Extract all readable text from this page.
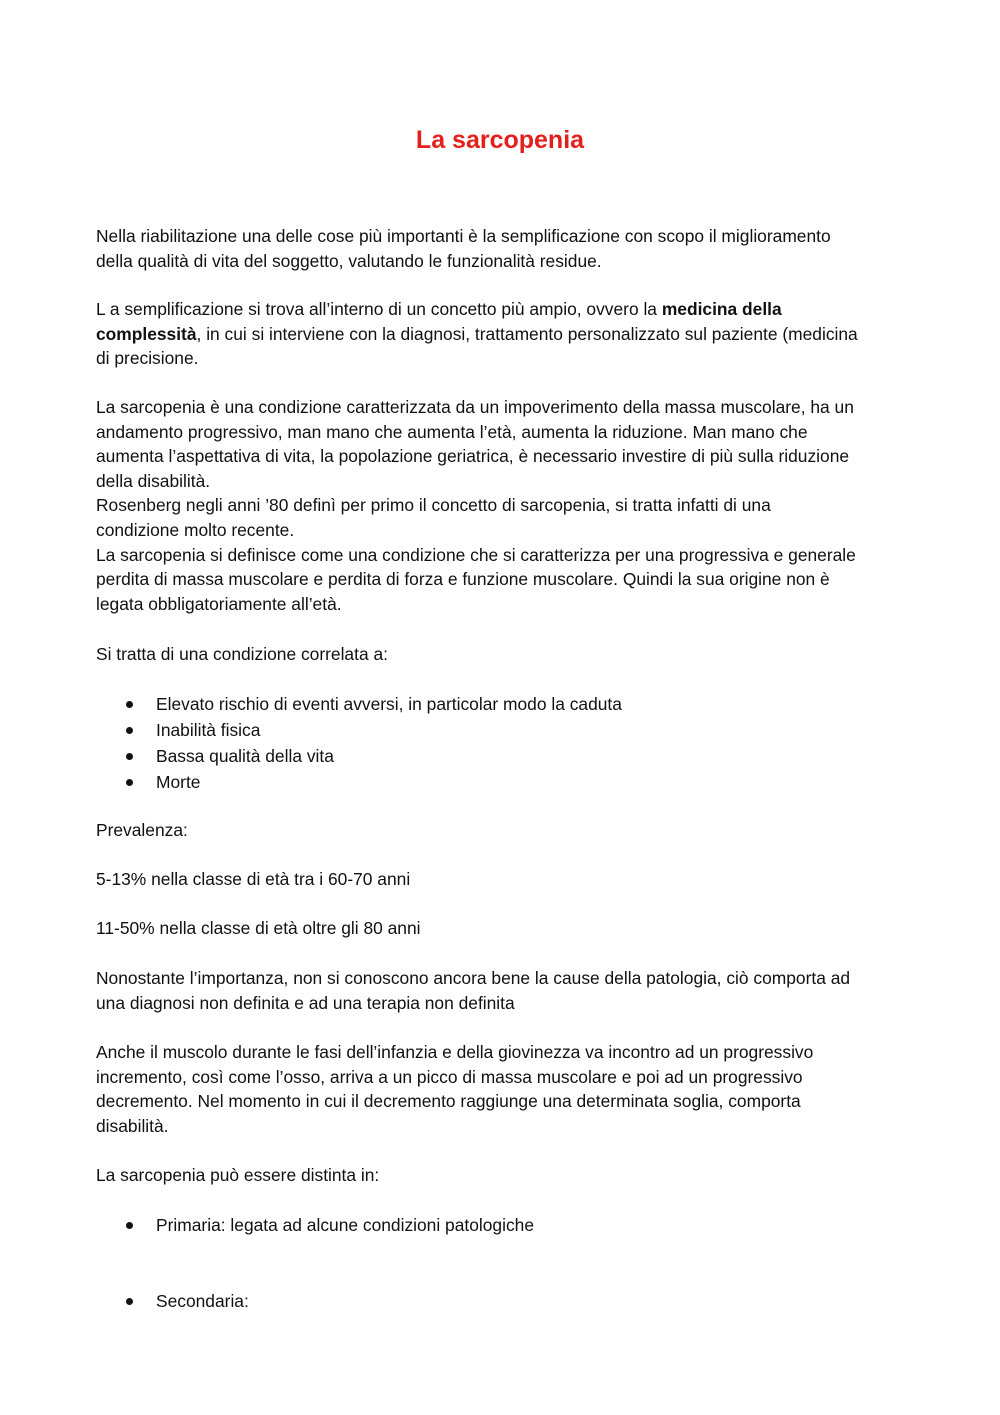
La sarcopenia
Nella riabilitazione una delle cose più importanti è la semplificazione con scopo il miglioramento
della qualità di vita del soggetto, valutando le funzionalità residue.
L a semplificazione si trova all’interno di un concetto più ampio, ovvero la medicina della
complessità, in cui si interviene con la diagnosi, trattamento personalizzato sul paziente (medicina
di precisione.
La sarcopenia è una condizione caratterizzata da un impoverimento della massa muscolare, ha un
andamento progressivo, man mano che aumenta l’età, aumenta la riduzione. Man mano che
aumenta l’aspettativa di vita, la popolazione geriatrica, è necessario investire di più sulla riduzione
della disabilità.
Rosenberg negli anni ’80 definì per primo il concetto di sarcopenia, si tratta infatti di una
condizione molto recente.
La sarcopenia si definisce come una condizione che si caratterizza per una progressiva e generale
perdita di massa muscolare e perdita di forza e funzione muscolare. Quindi la sua origine non è
legata obbligatoriamente all’età.
Si tratta di una condizione correlata a:
Elevato rischio di eventi avversi, in particolar modo la caduta
Inabilità fisica
Bassa qualità della vita
Morte
Prevalenza:
5-13% nella classe di età tra i 60-70 anni
11-50% nella classe di età oltre gli 80 anni
Nonostante l’importanza, non si conoscono ancora bene la cause della patologia, ciò comporta ad
una diagnosi non definita e ad una terapia non definita
Anche il muscolo durante le fasi dell’infanzia e della giovinezza va incontro ad un progressivo
incremento, così come l’osso, arriva a un picco di massa muscolare e poi ad un progressivo
decremento. Nel momento in cui il decremento raggiunge una determinata soglia, comporta
disabilità.
La sarcopenia può essere distinta in:
Primaria: legata ad alcune condizioni patologiche
Secondaria:
